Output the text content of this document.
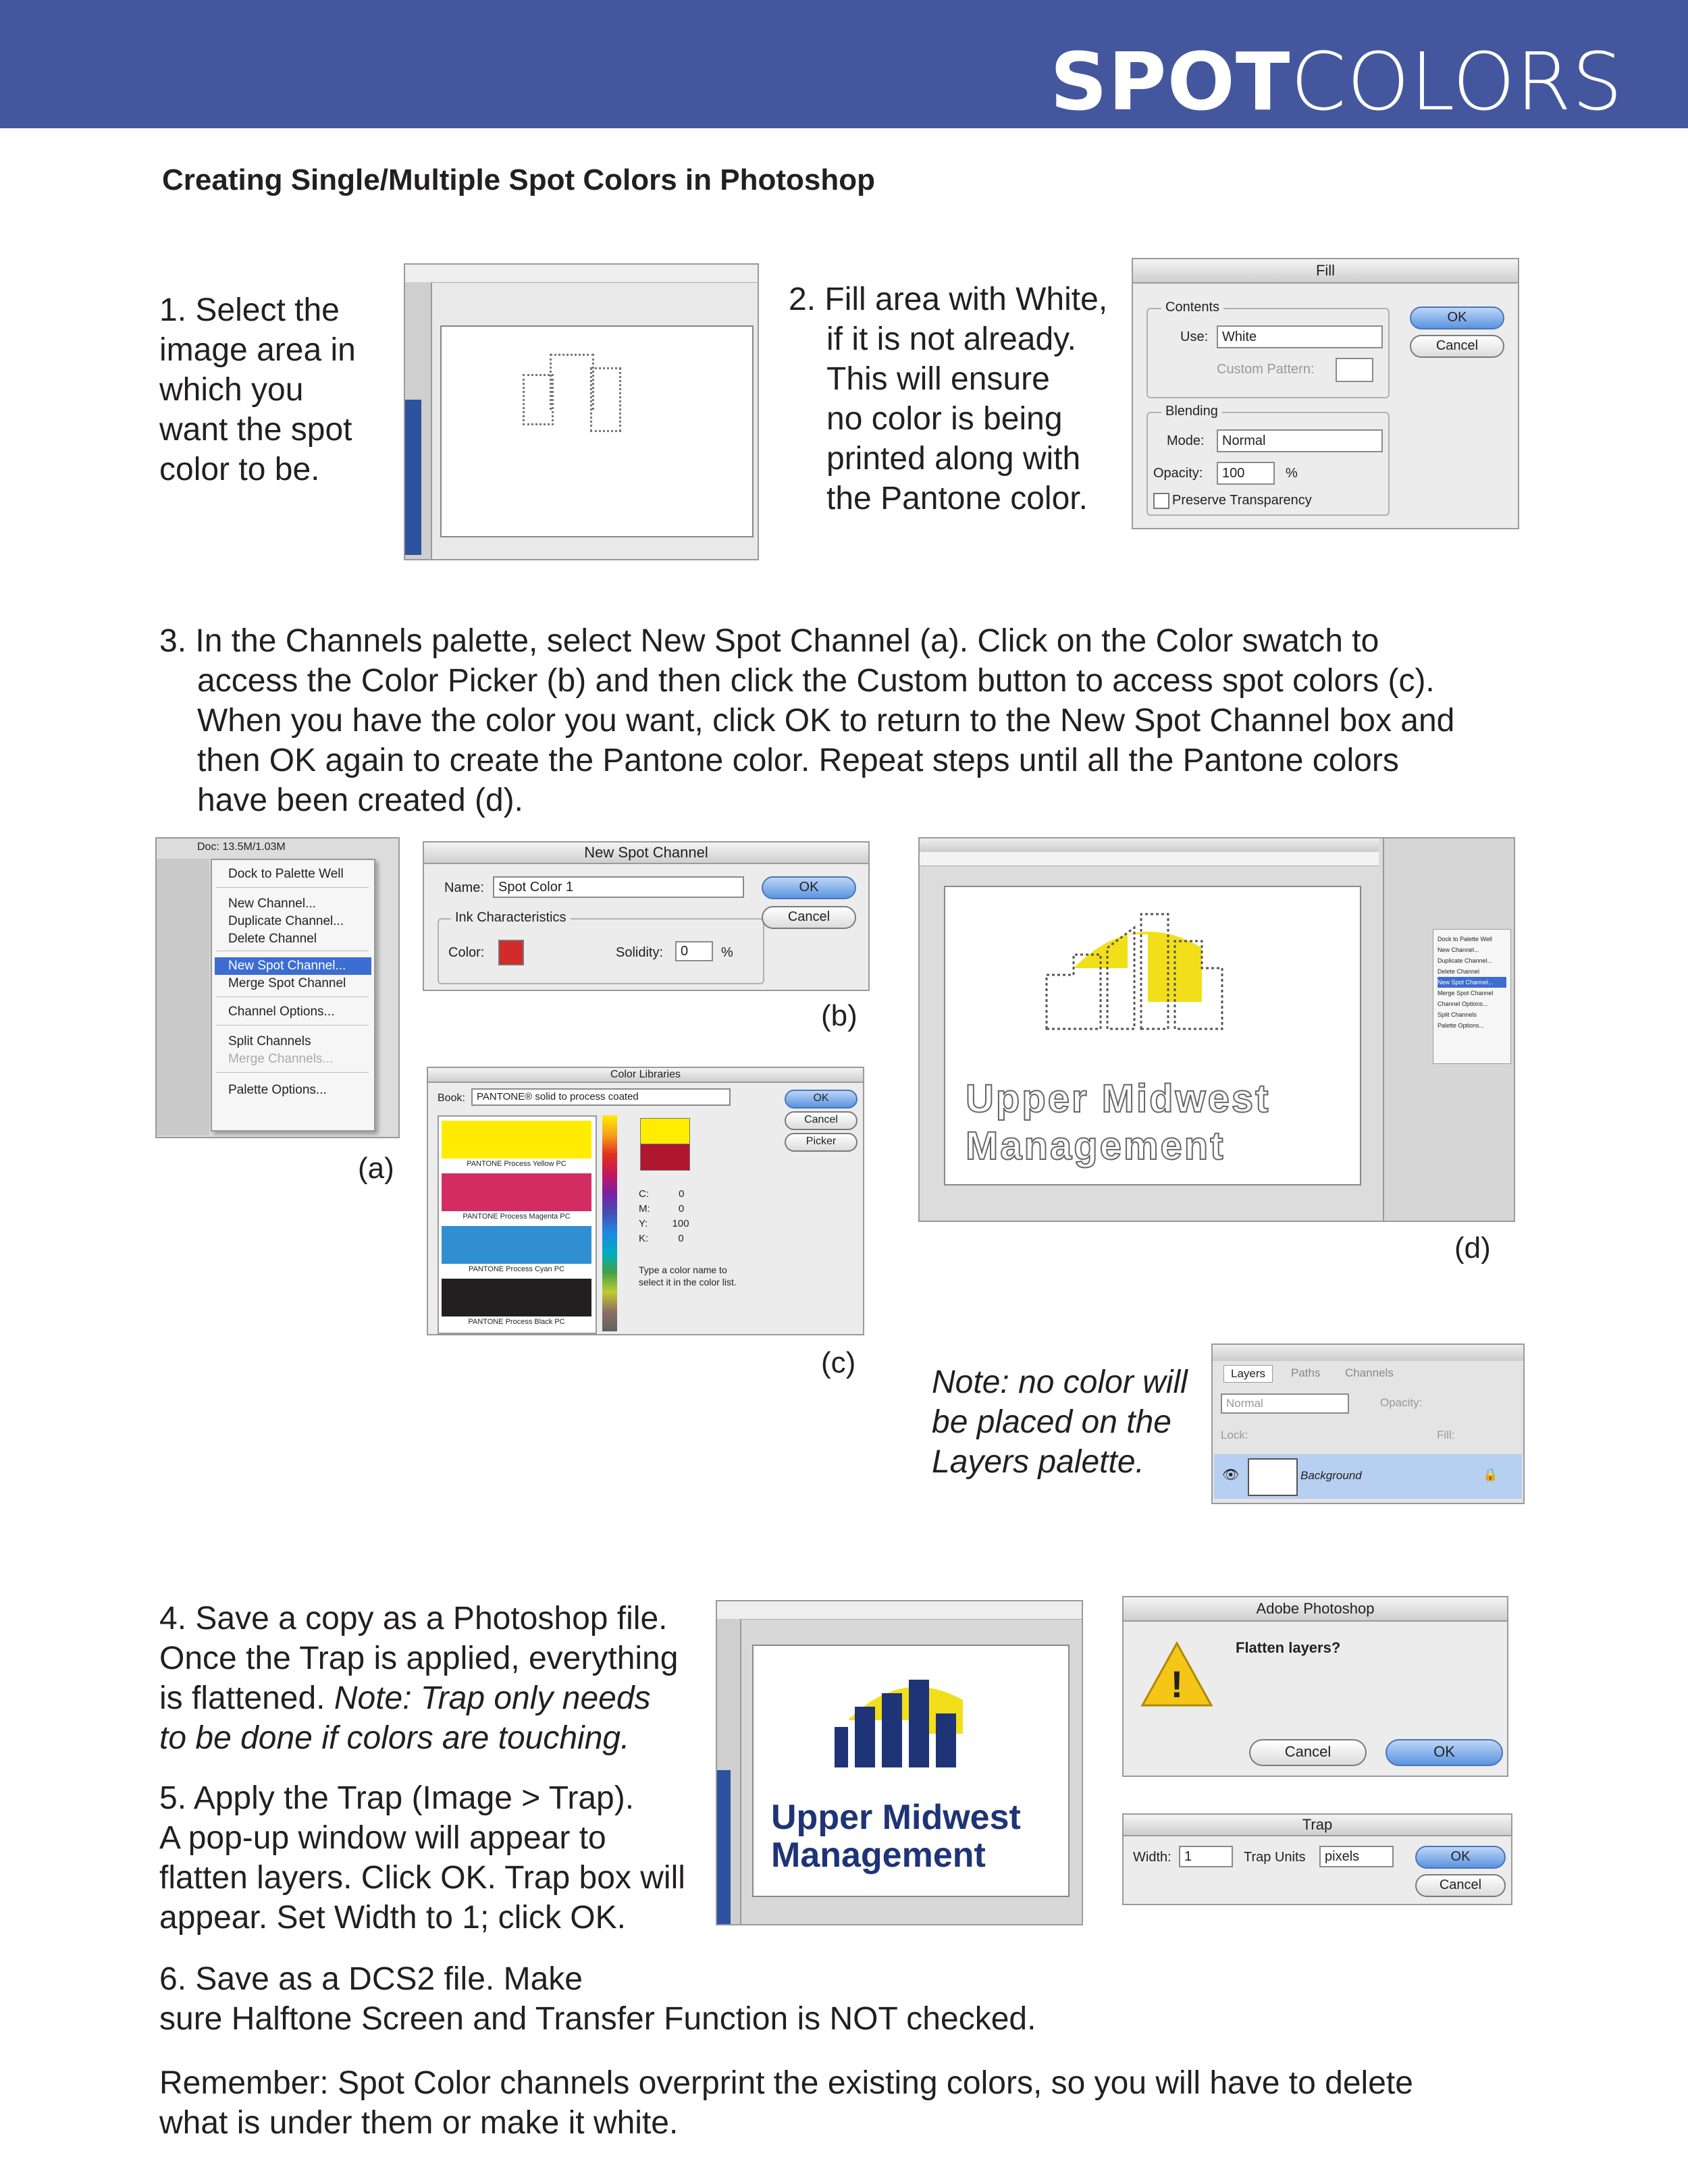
SPOTCOLORS
Creating Single/Multiple Spot Colors in Photoshop
1. Select the
image area in
which you
want the spot
color to be.
2. Fill area with White,
if it is not already.
This will ensure
no color is being
printed along with
the Pantone color.
Fill
Contents
Use:	White
Custom Pattern:
Blending
Mode:	Normal
Opacity:	100	%
Preserve Transparency
OK
Cancel
3. In the Channels palette, select New Spot Channel (a). Click on the Color swatch to
access the Color Picker (b) and then click the Custom button to access spot colors (c).
When you have the color you want, click OK to return to the New Spot Channel box and
then OK again to create the Pantone color. Repeat steps until all the Pantone colors
have been created (d).
Doc: 13.5M/1.03M
Dock to Palette Well
New Channel...
Duplicate Channel...
Delete Channel
New Spot Channel...
Merge Spot Channel
Channel Options...
Split Channels
Merge Channels...
Palette Options...
(a)
New Spot Channel
Name:	Spot Color 1
Ink Characteristics
Color:	Solidity:	0	%
OK
Cancel
(b)
Color Libraries
Book:	PANTONE® solid to process coated
PANTONE Process Yellow PC
PANTONE Process Magenta PC
PANTONE Process Cyan PC
PANTONE Process Black PC
C:	0
M:	0
Y: 100
K:	0
Type a color name to
select it in the color list.
OK
Cancel
Picker
(c)
Upper Midwest
Management
Dock to Palette Well
New Channel...
Duplicate Channel...
Delete Channel
New Spot Channel...
Merge Spot Channel
Channel Options...
Split Channels
Palette Options...
(d)
Note: no color will
be placed on the
Layers palette.
Layers	Paths Channels
Normal	Opacity:
Lock:	Fill:
👁	Background	🔒
4. Save a copy as a Photoshop file.
Once the Trap is applied, everything
is flattened. Note: Trap only needs
to be done if colors are touching.
5. Apply the Trap (Image > Trap).
A pop-up window will appear to
flatten layers. Click OK. Trap box will
appear. Set Width to 1; click OK.
Upper Midwest
Management
Adobe Photoshop
!
Flatten layers?
Cancel	OK
Trap
Width: 1	Trap Units	pixels	OK
Cancel
6. Save as a DCS2 file. Make
sure Halftone Screen and Transfer Function is NOT checked.
Remember: Spot Color channels overprint the existing colors, so you will have to delete
what is under them or make it white.
